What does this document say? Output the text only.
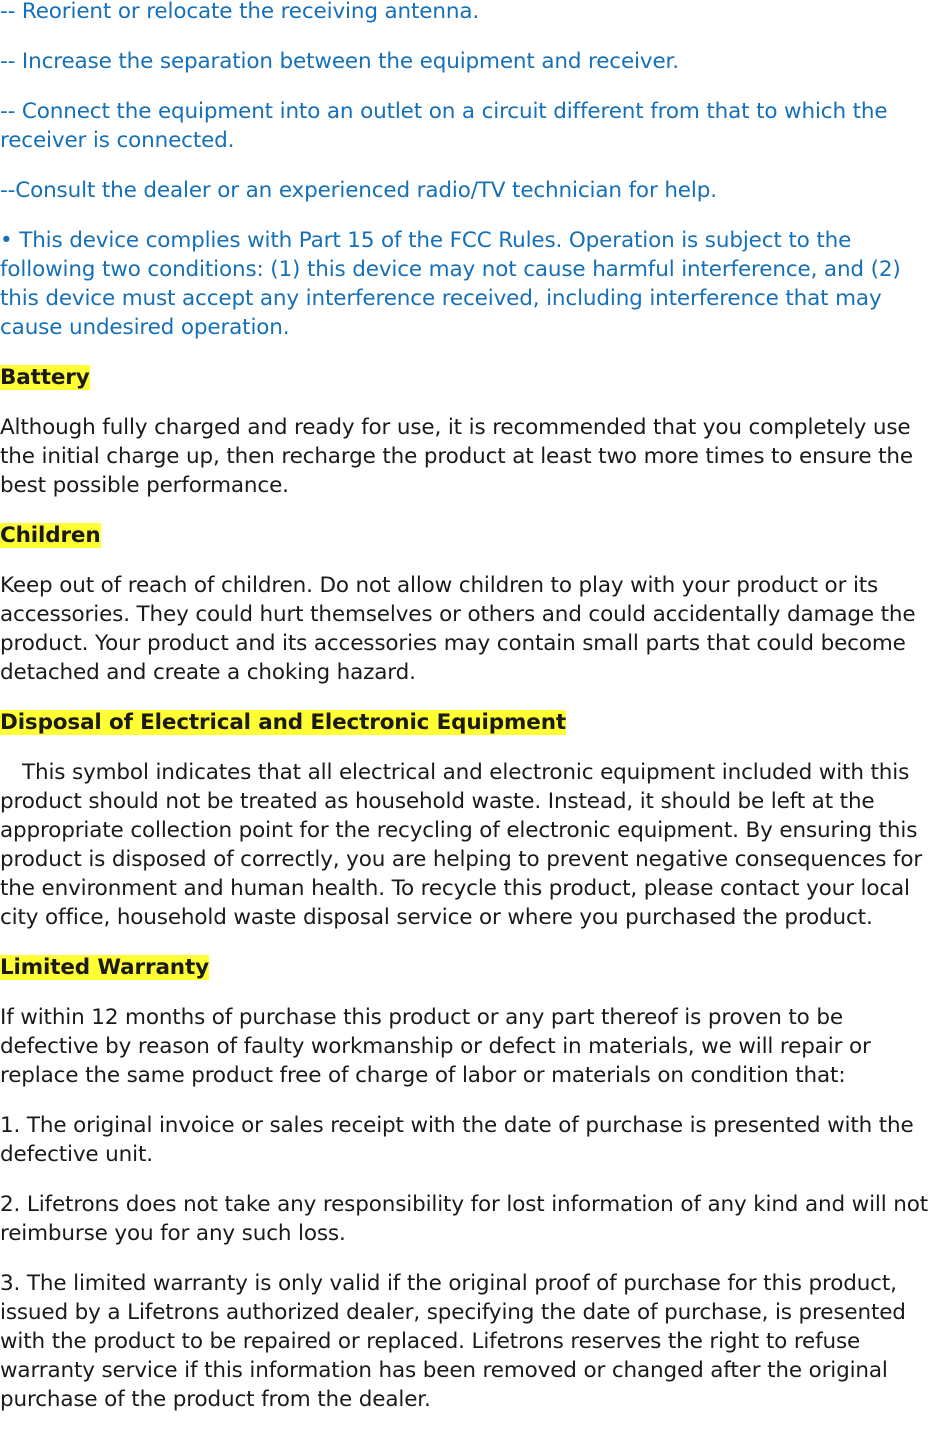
-- Reorient or relocate the receiving antenna.

-- Increase the separation between the equipment and receiver.

-- Connect the equipment into an outlet on a circuit different from that to which the receiver is connected.

--Consult the dealer or an experienced radio/TV technician for help.

• This device complies with Part 15 of the FCC Rules. Operation is subject to the following two conditions: (1) this device may not cause harmful interference, and (2) this device must accept any interference received, including interference that may cause undesired operation.

Battery

Although fully charged and ready for use, it is recommended that you completely use the initial charge up, then recharge the product at least two more times to ensure the best possible performance.

Children

Keep out of reach of children. Do not allow children to play with your product or its accessories. They could hurt themselves or others and could accidentally damage the product. Your product and its accessories may contain small parts that could become detached and create a choking hazard.

Disposal of Electrical and Electronic Equipment

This symbol indicates that all electrical and electronic equipment included with this product should not be treated as household waste. Instead, it should be left at the appropriate collection point for the recycling of electronic equipment. By ensuring this product is disposed of correctly, you are helping to prevent negative consequences for the environment and human health. To recycle this product, please contact your local city office, household waste disposal service or where you purchased the product.

Limited Warranty

If within 12 months of purchase this product or any part thereof is proven to be defective by reason of faulty workmanship or defect in materials, we will repair or replace the same product free of charge of labor or materials on condition that:

1. The original invoice or sales receipt with the date of purchase is presented with the defective unit.

2. Lifetrons does not take any responsibility for lost information of any kind and will not reimburse you for any such loss.

3. The limited warranty is only valid if the original proof of purchase for this product, issued by a Lifetrons authorized dealer, specifying the date of purchase, is presented with the product to be repaired or replaced. Lifetrons reserves the right to refuse warranty service if this information has been removed or changed after the original purchase of the product from the dealer.
